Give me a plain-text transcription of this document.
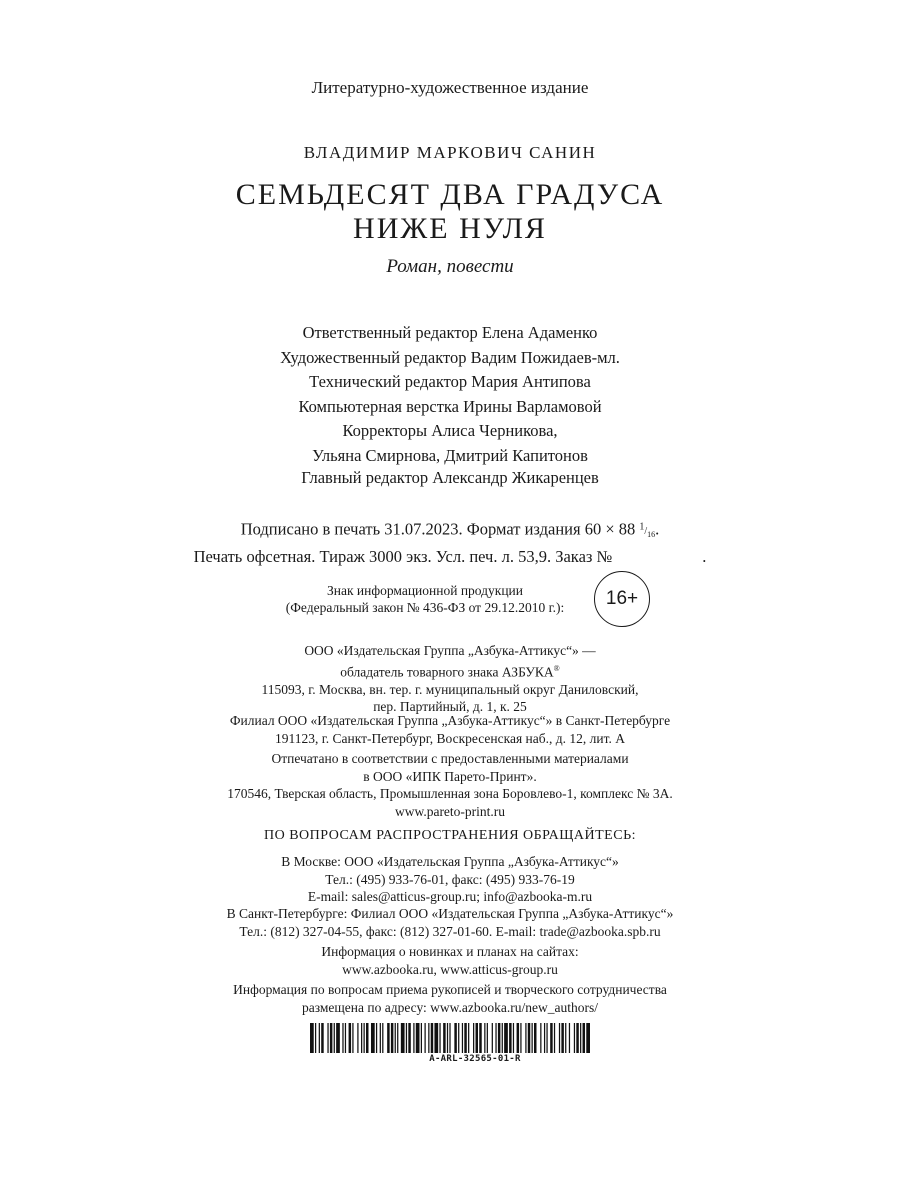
Литературно-художественное издание
ВЛАДИМИР МАРКОВИЧ САНИН
СЕМЬДЕСЯТ ДВА ГРАДУСА
НИЖЕ НУЛЯ
Роман, повести
Ответственный редактор Елена Адаменко
Художественный редактор Вадим Пожидаев-мл.
Технический редактор Мария Антипова
Компьютерная верстка Ирины Варламовой
Корректоры Алиса Черникова,
Ульяна Смирнова, Дмитрий Капитонов
Главный редактор Александр Жикаренцев
Подписано в печать 31.07.2023. Формат издания 60 × 88 $^1/_{16}$.
Печать офсетная. Тираж 3000 экз. Усл. печ. л. 53,9. Заказ №	.
Знак информационной продукции
(Федеральный закон № 436-ФЗ от 29.12.2010 г.):	16+
ООО «Издательская Группа „Азбука-Аттикус“» —
обладатель товарного знака АЗБУКА®
115093, г. Москва, вн. тер. г. муниципальный округ Даниловский,
пер. Партийный, д. 1, к. 25
Филиал ООО «Издательская Группа „Азбука-Аттикус“» в Санкт-Петербурге
191123, г. Санкт-Петербург, Воскресенская наб., д. 12, лит. А
Отпечатано в соответствии с предоставленными материалами
в ООО «ИПК Парето-Принт».
170546, Тверская область, Промышленная зона Боровлево-1, комплекс № 3А.
www.pareto-print.ru
ПО ВОПРОСАМ РАСПРОСТРАНЕНИЯ ОБРАЩАЙТЕСЬ:
В Москве: ООО «Издательская Группа „Азбука-Аттикус“»
Тел.: (495) 933-76-01, факс: (495) 933-76-19
E-mail: sales@atticus-group.ru; info@azbooka-m.ru
В Санкт-Петербурге: Филиал ООО «Издательская Группа „Азбука-Аттикус“»
Тел.: (812) 327-04-55, факс: (812) 327-01-60. E-mail: trade@azbooka.spb.ru
Информация о новинках и планах на сайтах:
www.azbooka.ru, www.atticus-group.ru
Информация по вопросам приема рукописей и творческого сотрудничества
размещена по адресу: www.azbooka.ru/new_authors/
A-ARL-32565-01-R
